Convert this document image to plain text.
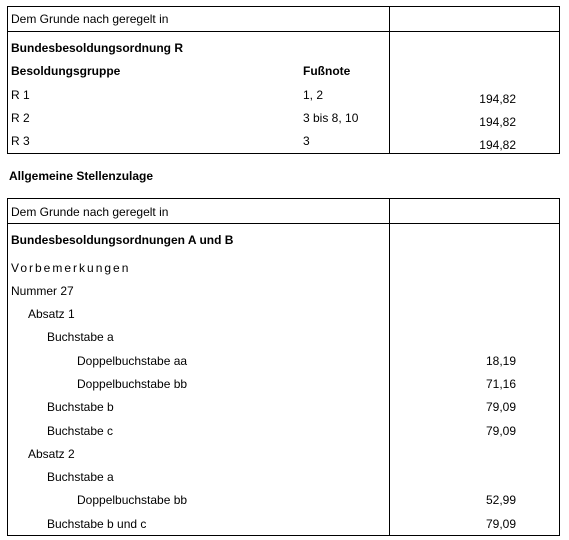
Dem Grunde nach geregelt in
Bundesbesoldungsordnung R
Besoldungsgruppe	Fußnote
R 1	1, 2	194,82
R 2	3 bis 8, 10	194,82
R 3	3	194,82
Allgemeine Stellenzulage
Dem Grunde nach geregelt in
Bundesbesoldungsordnungen A und B
Vorbemerkungen
Nummer 27
Absatz 1
Buchstabe a
Doppelbuchstabe aa	18,19
Doppelbuchstabe bb	71,16
Buchstabe b	79,09
Buchstabe c	79,09
Absatz 2
Buchstabe a
Doppelbuchstabe bb	52,99
Buchstabe b und c	79,09
